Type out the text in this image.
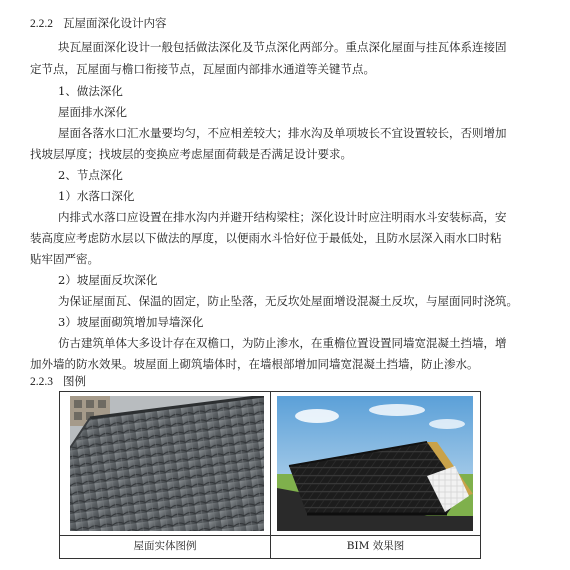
2.2.2 瓦屋面深化设计内容
块瓦屋面深化设计一般包括做法深化及节点深化两部分。重点深化屋面与挂瓦体系连接固
定节点，瓦屋面与檐口衔接节点，瓦屋面内部排水通道等关键节点。
1、做法深化
屋面排水深化
屋面各落水口汇水量要均匀，不应相差较大；排水沟及单项坡长不宜设置较长，否则增加
找坡层厚度；找坡层的变换应考虑屋面荷载是否满足设计要求。
2、节点深化
1）水落口深化
内排式水落口应设置在排水沟内并避开结构梁柱；深化设计时应注明雨水斗安装标高，安
装高度应考虑防水层以下做法的厚度，以便雨水斗恰好位于最低处，且防水层深入雨水口时粘
贴牢固严密。
2）坡屋面反坎深化
为保证屋面瓦、保温的固定，防止坠落，无反坎处屋面增设混凝土反坎，与屋面同时浇筑。
3）坡屋面砌筑增加导墙深化
仿古建筑单体大多设计存在双檐口，为防止渗水，在重檐位置设置同墙宽混凝土挡墙，增
加外墙的防水效果。坡屋面上砌筑墙体时，在墙根部增加同墙宽混凝土挡墙，防止渗水。
2.2.3 图例
屋面实体图例	BIM 效果图
